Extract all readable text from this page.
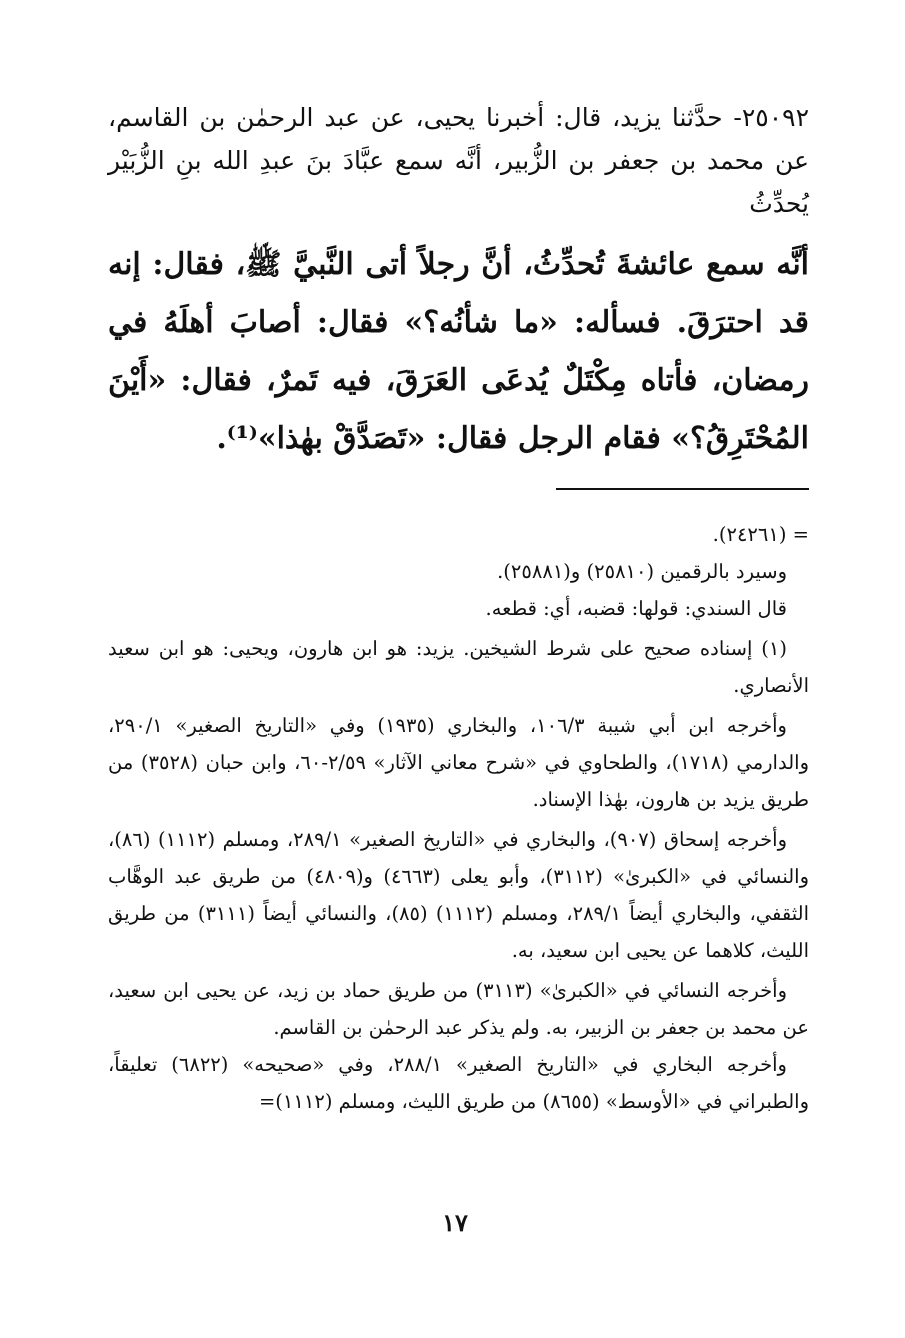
٢٥٠٩٢- حدَّثنا يزيد، قال: أخبرنا يحيى، عن عبد الرحمٰن بن القاسم، عن محمد بن جعفر بن الزُّبير، أنَّه سمع عبَّادَ بنَ عبدِ الله بنِ الزُّبَيْر يُحدِّثُ
أنَّه سمع عائشةَ تُحدِّثُ، أنَّ رجلاً أتى النَّبيَّ ﷺ، فقال: إنه قد احترَقَ. فسأله: «ما شأنُه؟» فقال: أصابَ أهلَهُ في رمضان، فأتاه مِكْتَلٌ يُدعَى العَرَقَ، فيه تَمرٌ، فقال: «أَيْنَ المُحْتَرِقُ؟» فقام الرجل فقال: «تَصَدَّقْ بهٰذا»⁽¹⁾.
= (٢٤٢٦١).
وسيرد بالرقمين (٢٥٨١٠) و(٢٥٨٨١).
قال السندي: قولها: قضبه، أي: قطعه.
(١) إسناده صحيح على شرط الشيخين. يزيد: هو ابن هارون، ويحيى: هو ابن سعيد الأنصاري.
وأخرجه ابن أبي شيبة ١٠٦/٣، والبخاري (١٩٣٥) وفي «التاريخ الصغير» ٢٩٠/١، والدارمي (١٧١٨)، والطحاوي في «شرح معاني الآثار» ٢/٥٩-٦٠، وابن حبان (٣٥٢٨) من طريق يزيد بن هارون، بهٰذا الإسناد.
وأخرجه إسحاق (٩٠٧)، والبخاري في «التاريخ الصغير» ٢٨٩/١، ومسلم (١١١٢) (٨٦)، والنسائي في «الكبرىٰ» (٣١١٢)، وأبو يعلى (٤٦٦٣) و(٤٨٠٩) من طريق عبد الوهَّاب الثقفي، والبخاري أيضاً ٢٨٩/١، ومسلم (١١١٢) (٨٥)، والنسائي أيضاً (٣١١١) من طريق الليث، كلاهما عن يحيى ابن سعيد، به.
وأخرجه النسائي في «الكبرىٰ» (٣١١٣) من طريق حماد بن زيد، عن يحيى ابن سعيد، عن محمد بن جعفر بن الزبير، به. ولم يذكر عبد الرحمٰن بن القاسم.
وأخرجه البخاري في «التاريخ الصغير» ٢٨٨/١، وفي «صحيحه» (٦٨٢٢) تعليقاً، والطبراني في «الأوسط» (٨٦٥٥) من طريق الليث، ومسلم (١١١٢)=
١٧
